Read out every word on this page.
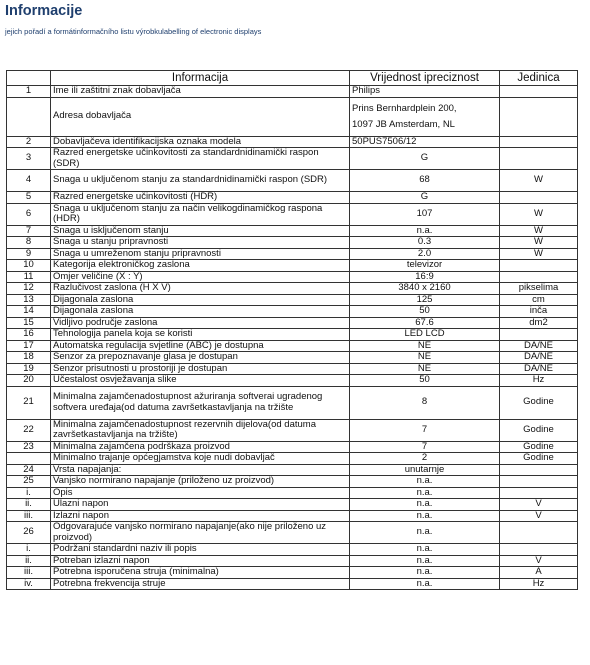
Informacije
jejich pořadí a formátinformačního listu výrobkulabelling of electronic displays
	Informacija	Vrijednost ipreciznost	Jedinica
1	Ime ili zaštitni znak dobavljača	Philips	
	Adresa dobavljača	Prins Bernhardplein 200,
1097 JB Amsterdam, NL	
2	Dobavljačeva identifikacijska oznaka modela	50PUS7506/12	
3	Razred energetske učinkovitosti za standardnidinamički raspon (SDR)	G	
4	Snaga u uključenom stanju za standardnidinamički raspon (SDR)	68	W
5	Razred energetske učinkovitosti (HDR)	G	
6	Snaga u uključenom stanju za način velikogdinamičkog raspona (HDR)	107	W
7	Snaga u isključenom stanju	n.a.	W
8	Snaga u stanju pripravnosti	0.3	W
9	Snaga u umreženom stanju pripravnosti	2.0	W
10	Kategorija elektroničkog zaslona	televizor	
11	Omjer veličine (X : Y)	16:9	
12	Razlučivost zaslona (H X V)	3840 x 2160	pikselima
13	Dijagonala zaslona	125	cm
14	Dijagonala zaslona	50	inča
15	Vidljivo područje zaslona	67.6	dm2
16	Tehnologija panela koja se koristi	LED LCD	
17	Automatska regulacija svjetline (ABC) je dostupna	NE	DA/NE
18	Senzor za prepoznavanje glasa je dostupan	NE	DA/NE
19	Senzor prisutnosti u prostoriji je dostupan	NE	DA/NE
20	Učestalost osvježavanja slike	50	Hz
21	Minimalna zajamčenadostupnost ažuriranja softverai ugradenog softvera uređaja(od datuma završetkastavljanja na tržište	8	Godine
22	Minimalna zajamčenadostupnost rezervnih dijelova(od datuma završetkastavljanja na tržište)	7	Godine
23	Minimalna zajamčena podrškaza proizvod	7	Godine
	Minimalno trajanje općegjamstva koje nudi dobavljač	2	Godine
24	Vrsta napajanja:	unutarnje	
25	Vanjsko normirano napajanje (priloženo uz proizvod)	n.a.	
i.	Opis	n.a.	
ii.	Ulazni napon	n.a.	V
iii.	Izlazni napon	n.a.	V
26	Odgovarajuće vanjsko normirano napajanje(ako nije priloženo uz proizvod)	n.a.	
i.	Podržani standardni naziv ili popis	n.a.	
ii.	Potreban izlazni napon	n.a.	V
iii.	Potrebna isporučena struja (minimalna)	n.a.	A
iv.	Potrebna frekvencija struje	n.a.	Hz
